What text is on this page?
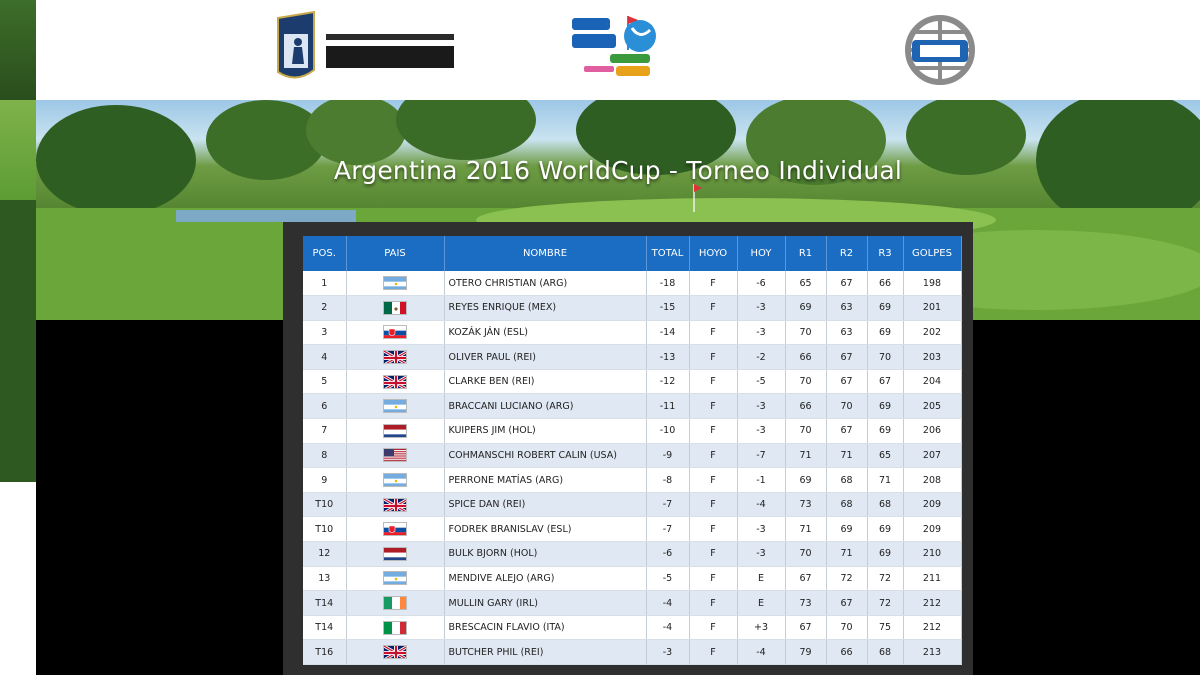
Argentina 2016 WorldCup - Torneo Individual
POS.	PAIS	NOMBRE	TOTAL	HOYO	HOY	R1	R2	R3	GOLPES
1		OTERO CHRISTIAN (ARG)	-18	F	-6	65	67	66	198
2		REYES ENRIQUE (MEX)	-15	F	-3	69	63	69	201
3		KOZÁK JÁN (ESL)	-14	F	-3	70	63	69	202
4		OLIVER PAUL (REI)	-13	F	-2	66	67	70	203
5		CLARKE BEN (REI)	-12	F	-5	70	67	67	204
6		BRACCANI LUCIANO (ARG)	-11	F	-3	66	70	69	205
7		KUIPERS JIM (HOL)	-10	F	-3	70	67	69	206
8		COHMANSCHI ROBERT CALIN (USA)	-9	F	-7	71	71	65	207
9		PERRONE MATÍAS (ARG)	-8	F	-1	69	68	71	208
T10		SPICE DAN (REI)	-7	F	-4	73	68	68	209
T10		FODREK BRANISLAV (ESL)	-7	F	-3	71	69	69	209
12		BULK BJORN (HOL)	-6	F	-3	70	71	69	210
13		MENDIVE ALEJO (ARG)	-5	F	E	67	72	72	211
T14		MULLIN GARY (IRL)	-4	F	E	73	67	72	212
T14		BRESCACIN FLAVIO (ITA)	-4	F	+3	67	70	75	212
T16		BUTCHER PHIL (REI)	-3	F	-4	79	66	68	213
